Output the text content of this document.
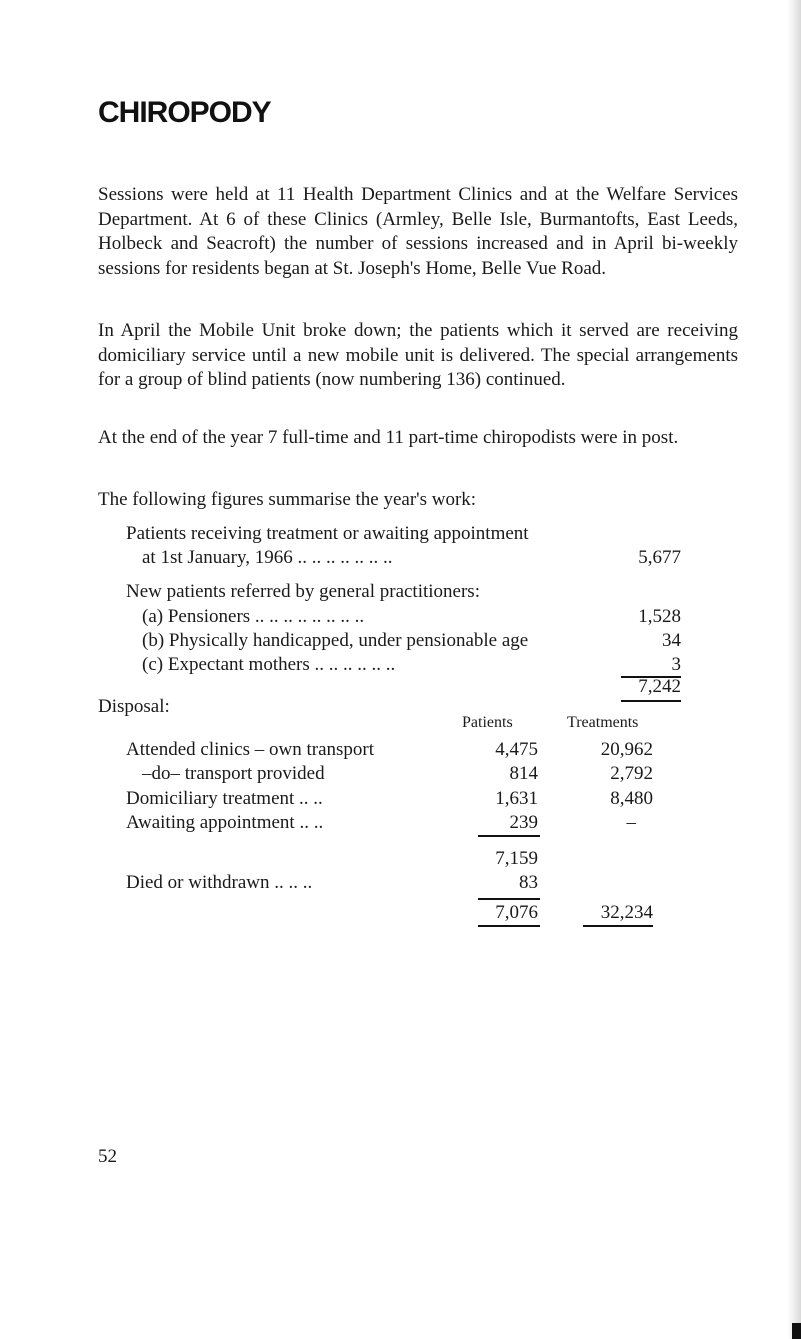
CHIROPODY

Sessions were held at 11 Health Department Clinics and at the Welfare Services Department. At 6 of these Clinics (Armley, Belle Isle, Burmantofts, East Leeds, Holbeck and Seacroft) the number of sessions increased and in April bi-weekly sessions for residents began at St. Joseph's Home, Belle Vue Road.

In April the Mobile Unit broke down; the patients which it served are receiving domiciliary service until a new mobile unit is delivered. The special arrangements for a group of blind patients (now numbering 136) continued.

At the end of the year 7 full-time and 11 part-time chiropodists were in post.

The following figures summarise the year's work:

Patients receiving treatment or awaiting appointment
at 1st January, 1966 .. .. .. .. .. .. ..	5,677
New patients referred by general practitioners:
(a) Pensioners .. .. .. .. .. .. .. ..	1,528
(b) Physically handicapped, under pensionable age	34
(c) Expectant mothers .. .. .. .. .. ..	3
7,242
Disposal:
Patients	Treatments
Attended clinics – own transport	4,475	20,962
–do– transport provided	814	2,792
Domiciliary treatment .. ..	1,631	8,480
Awaiting appointment .. ..	239	–
7,159
Died or withdrawn .. .. ..	83
7,076	32,234
52
